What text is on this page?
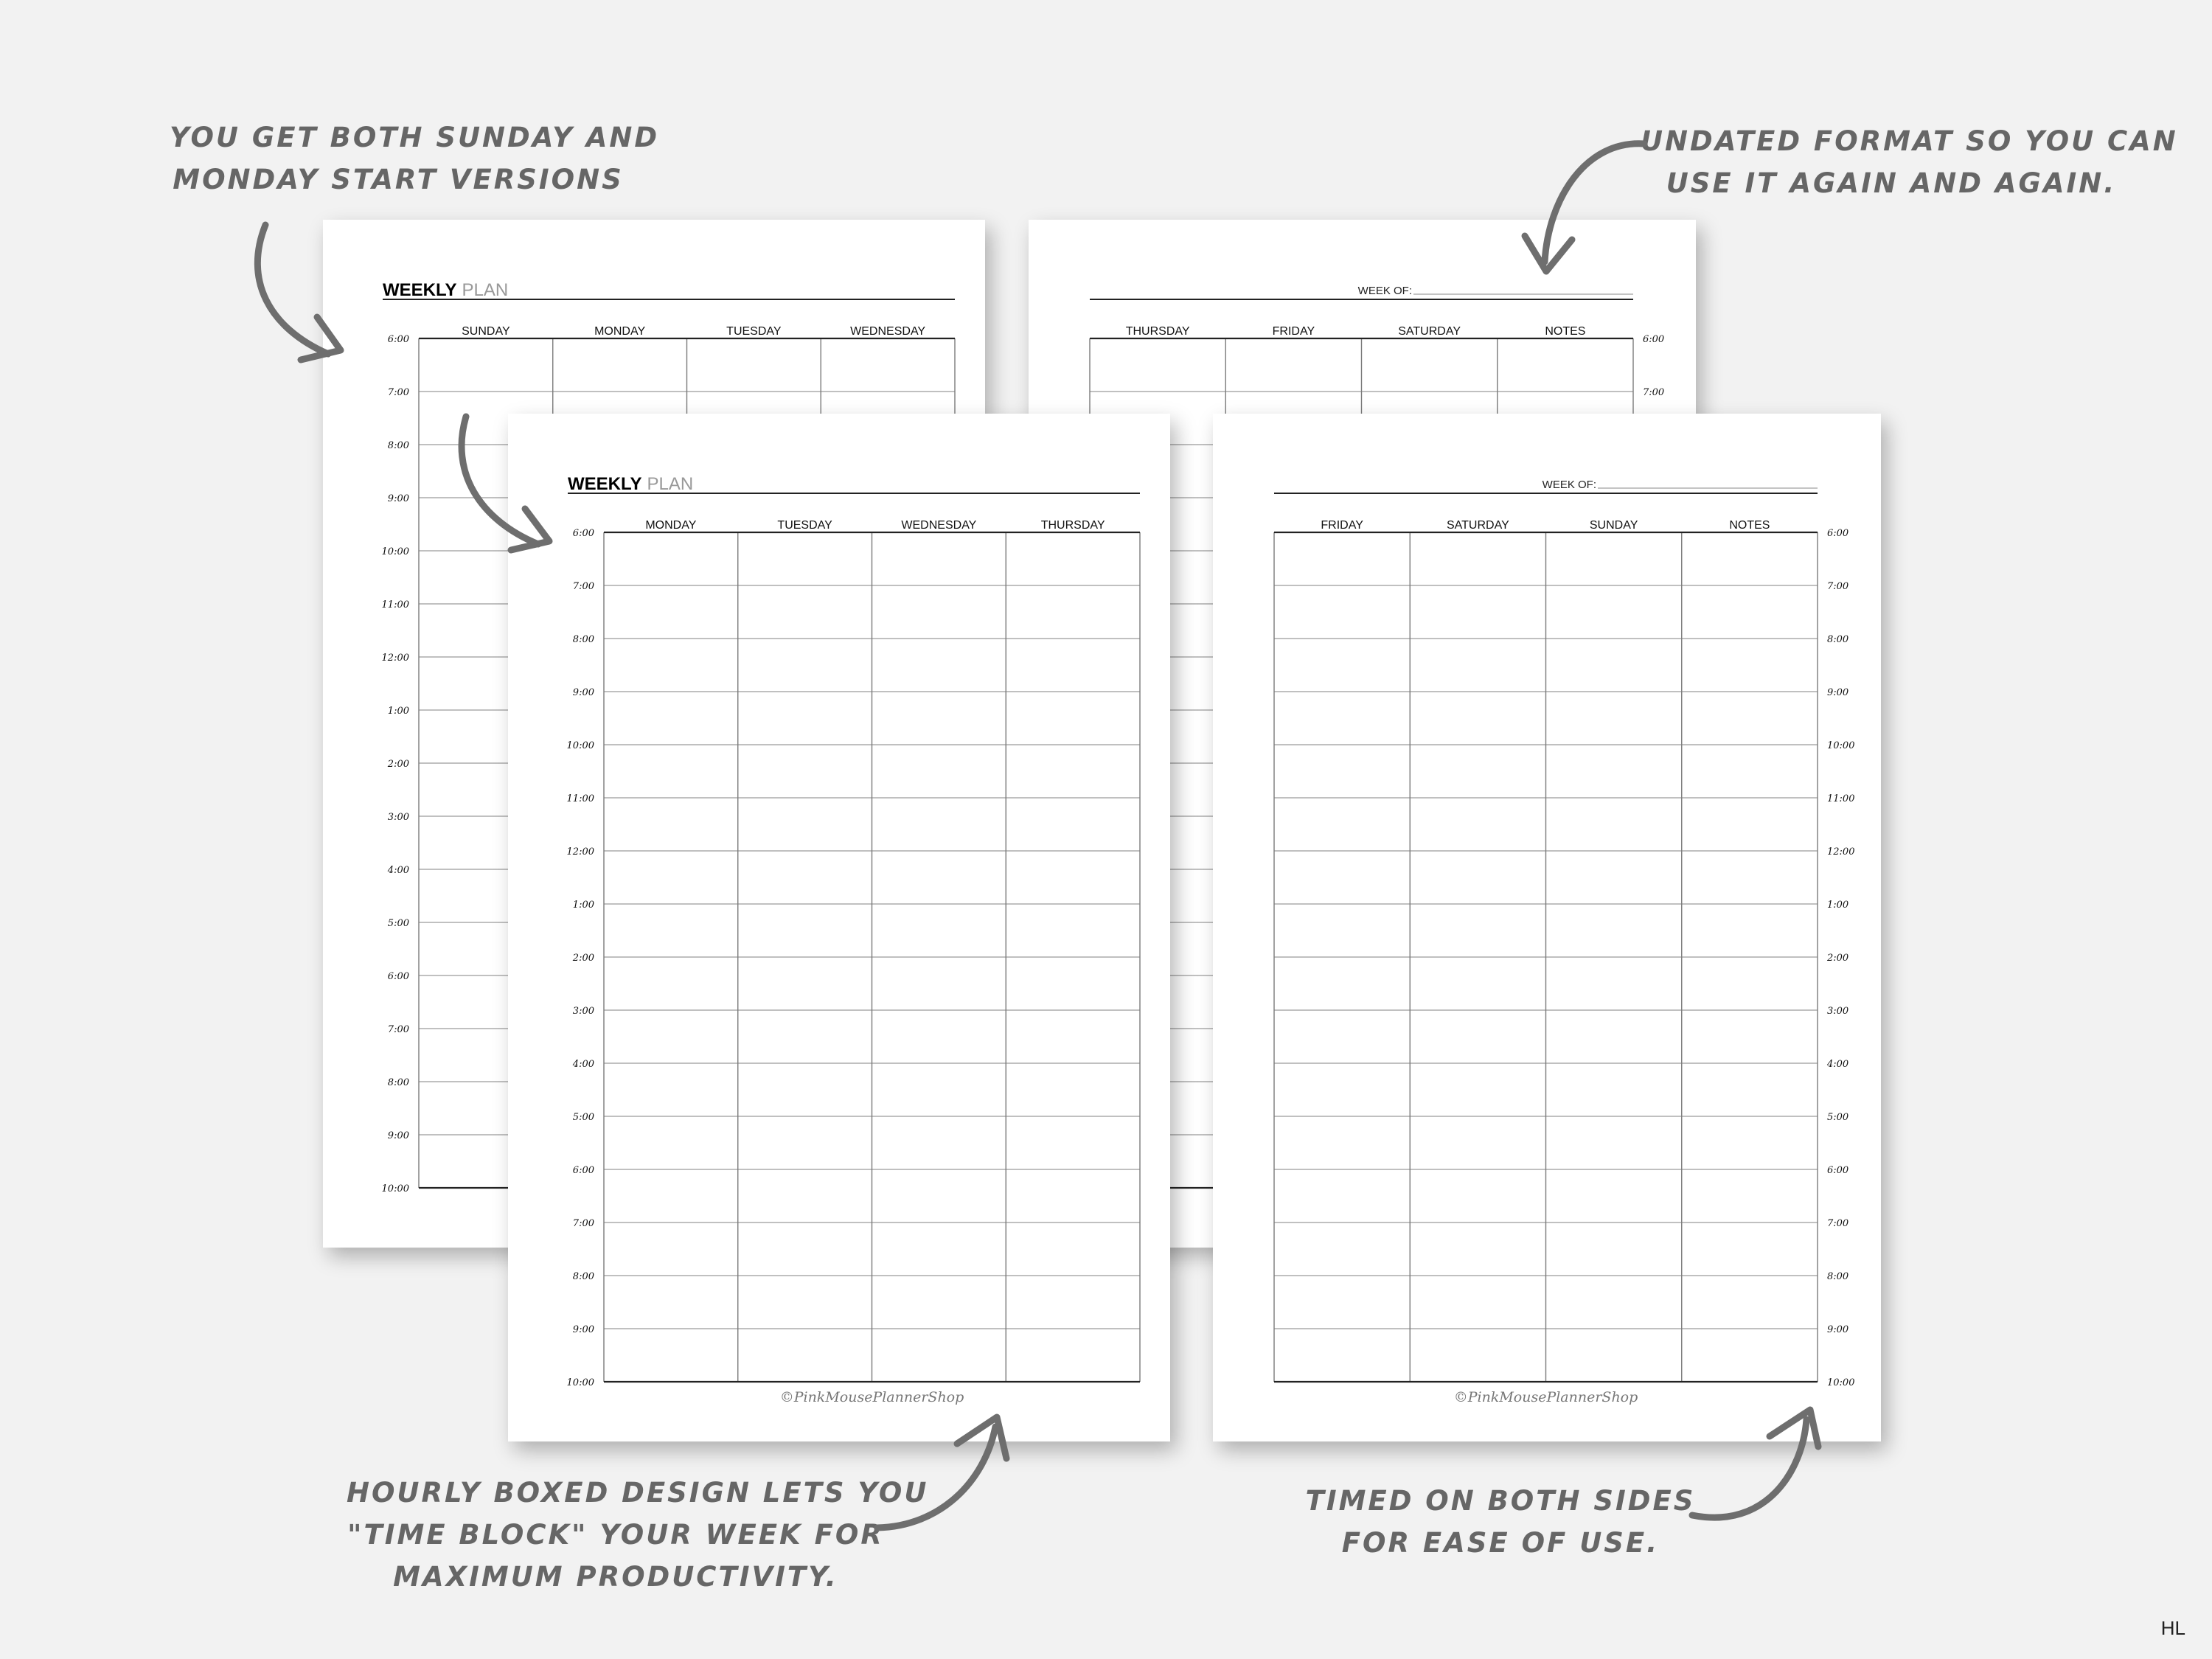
YOU GET BOTH SUNDAY AND
MONDAY START VERSIONS
UNDATED FORMAT SO YOU CAN
USE IT AGAIN AND AGAIN.
HOURLY BOXED DESIGN LETS YOU
"TIME BLOCK" YOUR WEEK FOR
MAXIMUM PRODUCTIVITY.
TIMED ON BOTH SIDES
FOR EASE OF USE.
WEEKLY PLAN
SUNDAY	MONDAY	TUESDAY	WEDNESDAY
6:00
7:00
8:00
9:00
10:00
11:00
12:00
1:00
2:00
3:00
4:00
5:00
6:00
7:00
8:00
9:00
10:00
WEEK OF:
THURSDAY	FRIDAY	SATURDAY	NOTES
6:00
7:00
WEEKLY PLAN
MONDAY	TUESDAY	WEDNESDAY	THURSDAY
6:00
7:00
8:00
9:00
10:00
11:00
12:00
1:00
2:00
3:00
4:00
5:00
6:00
7:00
8:00
9:00
10:00
©PinkMousePlannerShop
WEEK OF:
FRIDAY	SATURDAY	SUNDAY	NOTES
6:00
7:00
8:00
9:00
10:00
11:00
12:00
1:00
2:00
3:00
4:00
5:00
6:00
7:00
8:00
9:00
10:00
©PinkMousePlannerShop
HL
